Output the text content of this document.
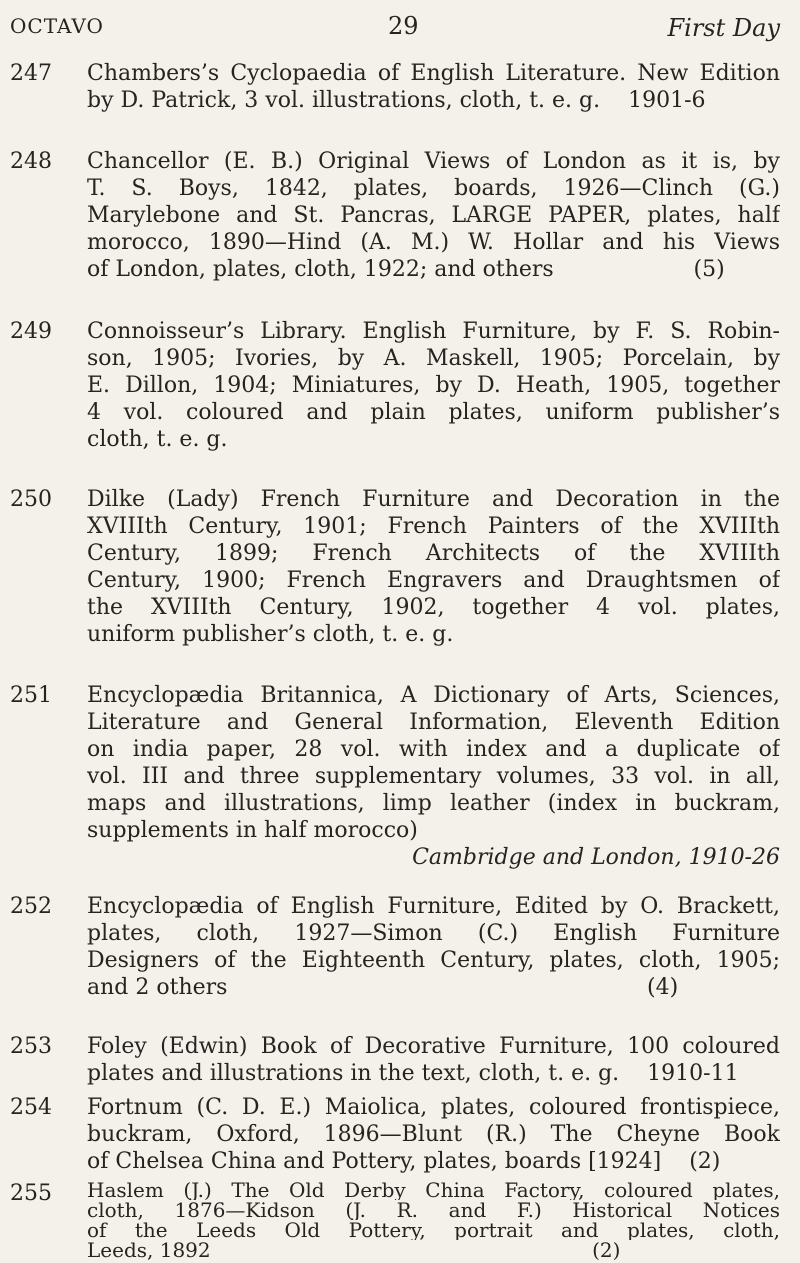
OCTAVO	29	First Day
247 Chambers’s Cyclopaedia of English Literature. New Edition
by D. Patrick, 3 vol. illustrations, cloth, t. e. g.    1901-6
248 Chancellor (E. B.) Original Views of London as it is, by
T. S. Boys, 1842, plates, boards, 1926—Clinch (G.)
Marylebone and St. Pancras, LARGE PAPER, plates, half
morocco, 1890—Hind (A. M.) W. Hollar and his Views
of London, plates, cloth, 1922; and others                    (5)
249 Connoisseur’s Library. English Furniture, by F. S. Robin-
son, 1905; Ivories, by A. Maskell, 1905; Porcelain, by
E. Dillon, 1904; Miniatures, by D. Heath, 1905, together
4 vol. coloured and plain plates, uniform publisher’s
cloth, t. e. g.
250 Dilke (Lady) French Furniture and Decoration in the
XVIIIth Century, 1901; French Painters of the XVIIIth
Century, 1899; French Architects of the XVIIIth
Century, 1900; French Engravers and Draughtsmen of
the XVIIIth Century, 1902, together 4 vol. plates,
uniform publisher’s cloth, t. e. g.
251 Encyclopædia Britannica, A Dictionary of Arts, Sciences,
Literature and General Information, Eleventh Edition
on india paper, 28 vol. with index and a duplicate of
vol. III and three supplementary volumes, 33 vol. in all,
maps and illustrations, limp leather (index in buckram,
supplements in half morocco)
Cambridge and London, 1910-26
252 Encyclopædia of English Furniture, Edited by O. Brackett,
plates, cloth, 1927—Simon (C.) English Furniture
Designers of the Eighteenth Century, plates, cloth, 1905;
and 2 others                                                            (4)
253 Foley (Edwin) Book of Decorative Furniture, 100 coloured
plates and illustrations in the text, cloth, t. e. g.    1910-11
254 Fortnum (C. D. E.) Maiolica, plates, coloured frontispiece,
buckram, Oxford, 1896—Blunt (R.) The Cheyne Book
of Chelsea China and Pottery, plates, boards [1924]    (2)
255 Haslem (J.) The Old Derby China Factory, coloured plates,
cloth, 1876—Kidson (J. R. and F.) Historical Notices
of the Leeds Old Pottery, portrait and plates, cloth,
Leeds, 1892                                                            (2)
